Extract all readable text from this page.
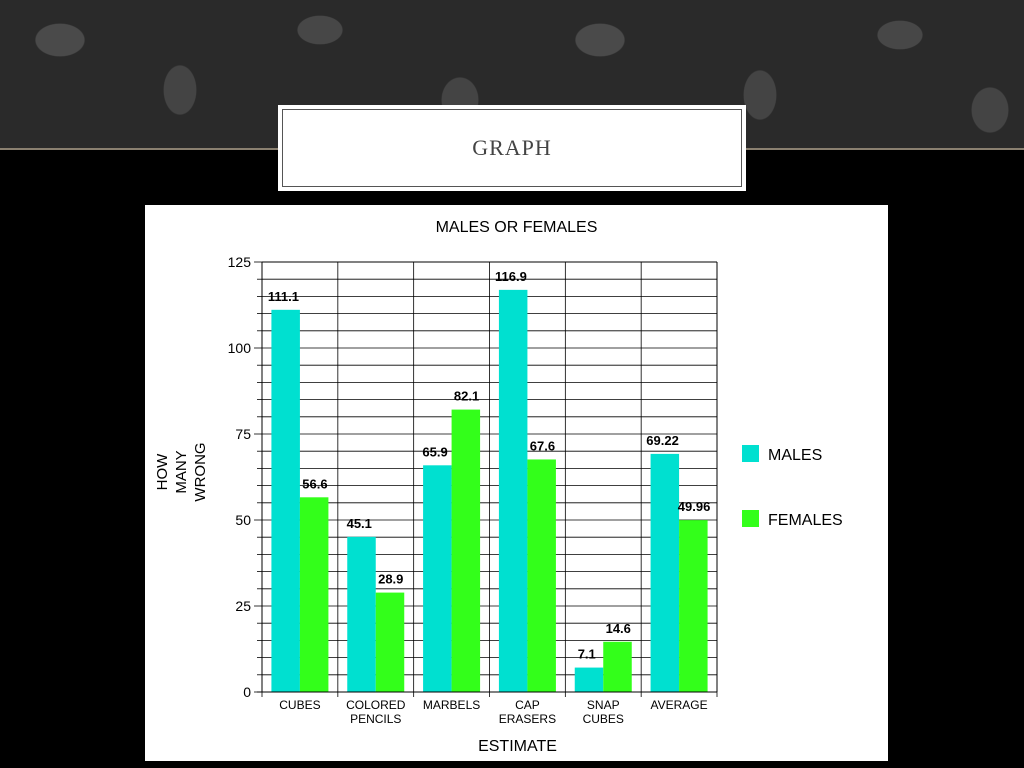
GRAPH
111.1
45.1
65.9
116.9
7.1
69.22
56.6
28.9
82.1
67.6
14.6
49.96
0
25
50
75
100
125
CUBES COLORED
PENCILS
MARBELS	CAP
ERASERS
SNAP
CUBES
AVERAGE
MALES OR FEMALES
ESTIMATE
HOW MANY WRONG	MALES
FEMALES
